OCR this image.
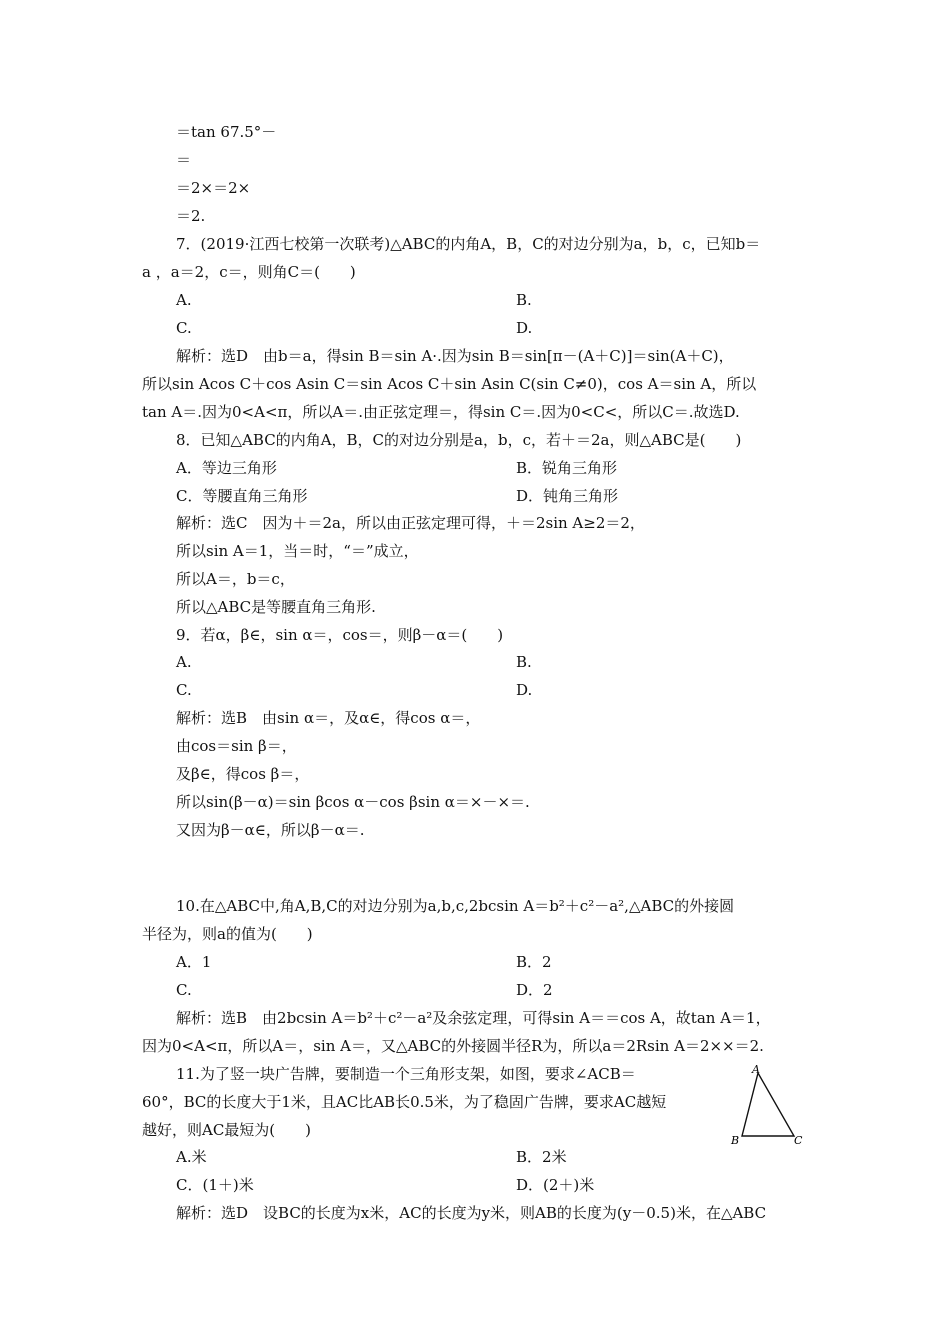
＝tan 67.5°－
＝
＝2×＝2×
＝2.
7．(2019·江西七校第一次联考)△ABC的内角A，B，C的对边分别为a，b，c，已知b＝
a ，a＝2，c＝，则角C＝(　　)
A.	B.
C.	D.
解析：选D　由b＝a，得sin B＝sin A·.因为sin B＝sin[π－(A＋C)]＝sin(A＋C)，
所以sin Acos C＋cos Asin C＝sin Acos C＋sin Asin C(sin C≠0)，cos A＝sin A，所以
tan A＝.因为0<A<π，所以A＝.由正弦定理＝，得sin C＝.因为0<C<，所以C＝.故选D.
8．已知△ABC的内角A，B，C的对边分别是a，b，c，若＋＝2a，则△ABC是(　　)
A．等边三角形	B．锐角三角形
C．等腰直角三角形	D．钝角三角形
解析：选C　因为＋＝2a，所以由正弦定理可得，＋＝2sin A≥2＝2，
所以sin A＝1，当＝时，“＝”成立，
所以A＝，b＝c，
所以△ABC是等腰直角三角形.
9．若α，β∈，sin α＝，cos＝，则β－α＝(　　)
A.	B.
C.	D.
解析：选B　由sin α＝，及α∈，得cos α＝，
由cos＝sin β＝，
及β∈，得cos β＝，
所以sin(β－α)＝sin βcos α－cos βsin α＝×－×＝.
又因为β－α∈，所以β－α＝.
10.在△ABC中,角A,B,C的对边分别为a,b,c,2bcsin A＝b²＋c²－a²,△ABC的外接圆
半径为，则a的值为(　　)
A．1	B．2
C.	D．2
解析：选B　由2bcsin A＝b²＋c²－a²及余弦定理，可得sin A＝＝cos A，故tan A＝1，
因为0<A<π，所以A＝，sin A＝，又△ABC的外接圆半径R为，所以a＝2Rsin A＝2××＝2.
11.为了竖一块广告牌，要制造一个三角形支架，如图，要求∠ACB＝
60°，BC的长度大于1米，且AC比AB长0.5米，为了稳固广告牌，要求AC越短
越好，则AC最短为(　　)
A.米	B．2米
C．(1＋)米	D．(2＋)米
解析：选D　设BC的长度为x米，AC的长度为y米，则AB的长度为(y－0.5)米，在△ABC
A
B	C
